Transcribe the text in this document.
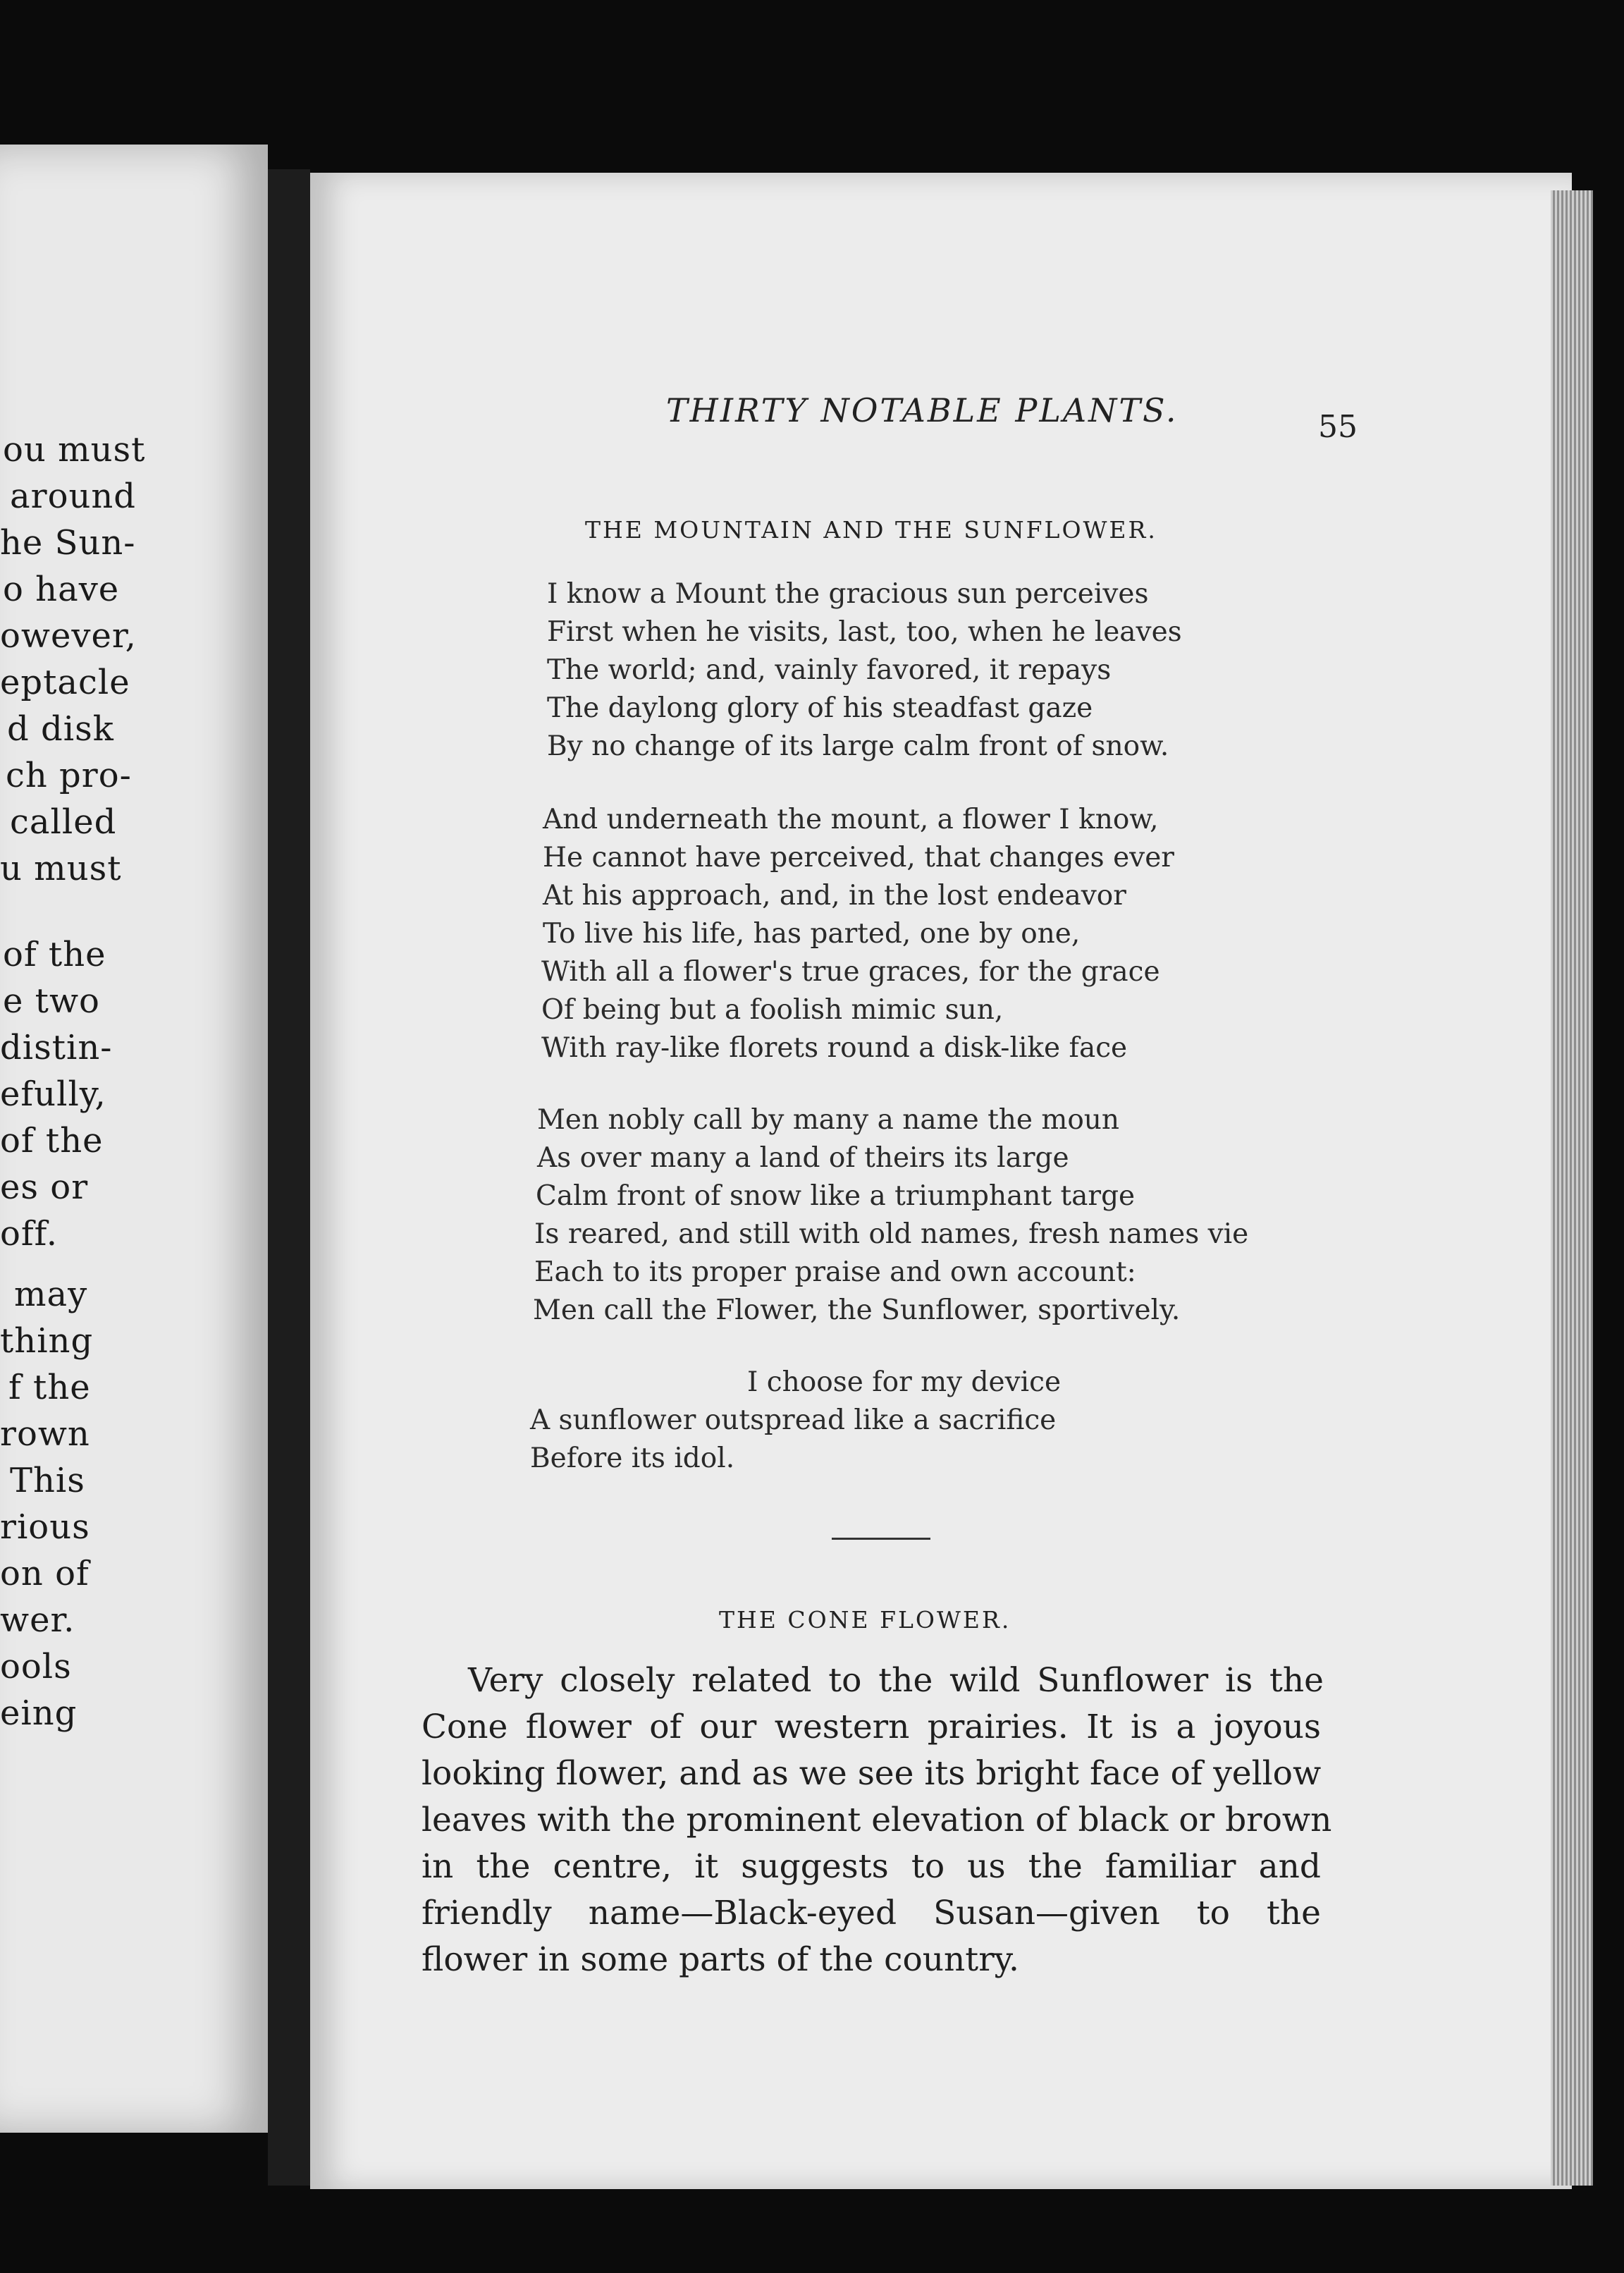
ou must
around
he Sun-
o have
owever,
eptacle
d disk
ch pro-
called
u must
of the
e two
distin-
efully,
of the
es or
off.
may
thing
f the
rown
This
rious
on of
wer.
ools
eing
THIRTY NOTABLE PLANTS.	55
THE MOUNTAIN AND THE SUNFLOWER.
I know a Mount the gracious sun perceives
First when he visits, last, too, when he leaves
The world; and, vainly favored, it repays
The daylong glory of his steadfast gaze
By no change of its large calm front of snow.
And underneath the mount, a flower I know,
He cannot have perceived, that changes ever
At his approach, and, in the lost endeavor
To live his life, has parted, one by one,
With all a flower's true graces, for the grace
Of being but a foolish mimic sun,
With ray-like florets round a disk-like face
Men nobly call by many a name the moun
As over many a land of theirs its large
Calm front of snow like a triumphant targe
Is reared, and still with old names, fresh names vie
Each to its proper praise and own account:
Men call the Flower, the Sunflower, sportively.
I choose for my device
A sunflower outspread like a sacrifice
Before its idol.
THE CONE FLOWER.
Very closely related to the wild Sunflower is the
Cone flower of our western prairies. It is a joyous
looking flower, and as we see its bright face of yellow
leaves with the prominent elevation of black or brown
in the centre, it suggests to us the familiar and
friendly name—Black-eyed Susan—given to the
flower in some parts of the country.
